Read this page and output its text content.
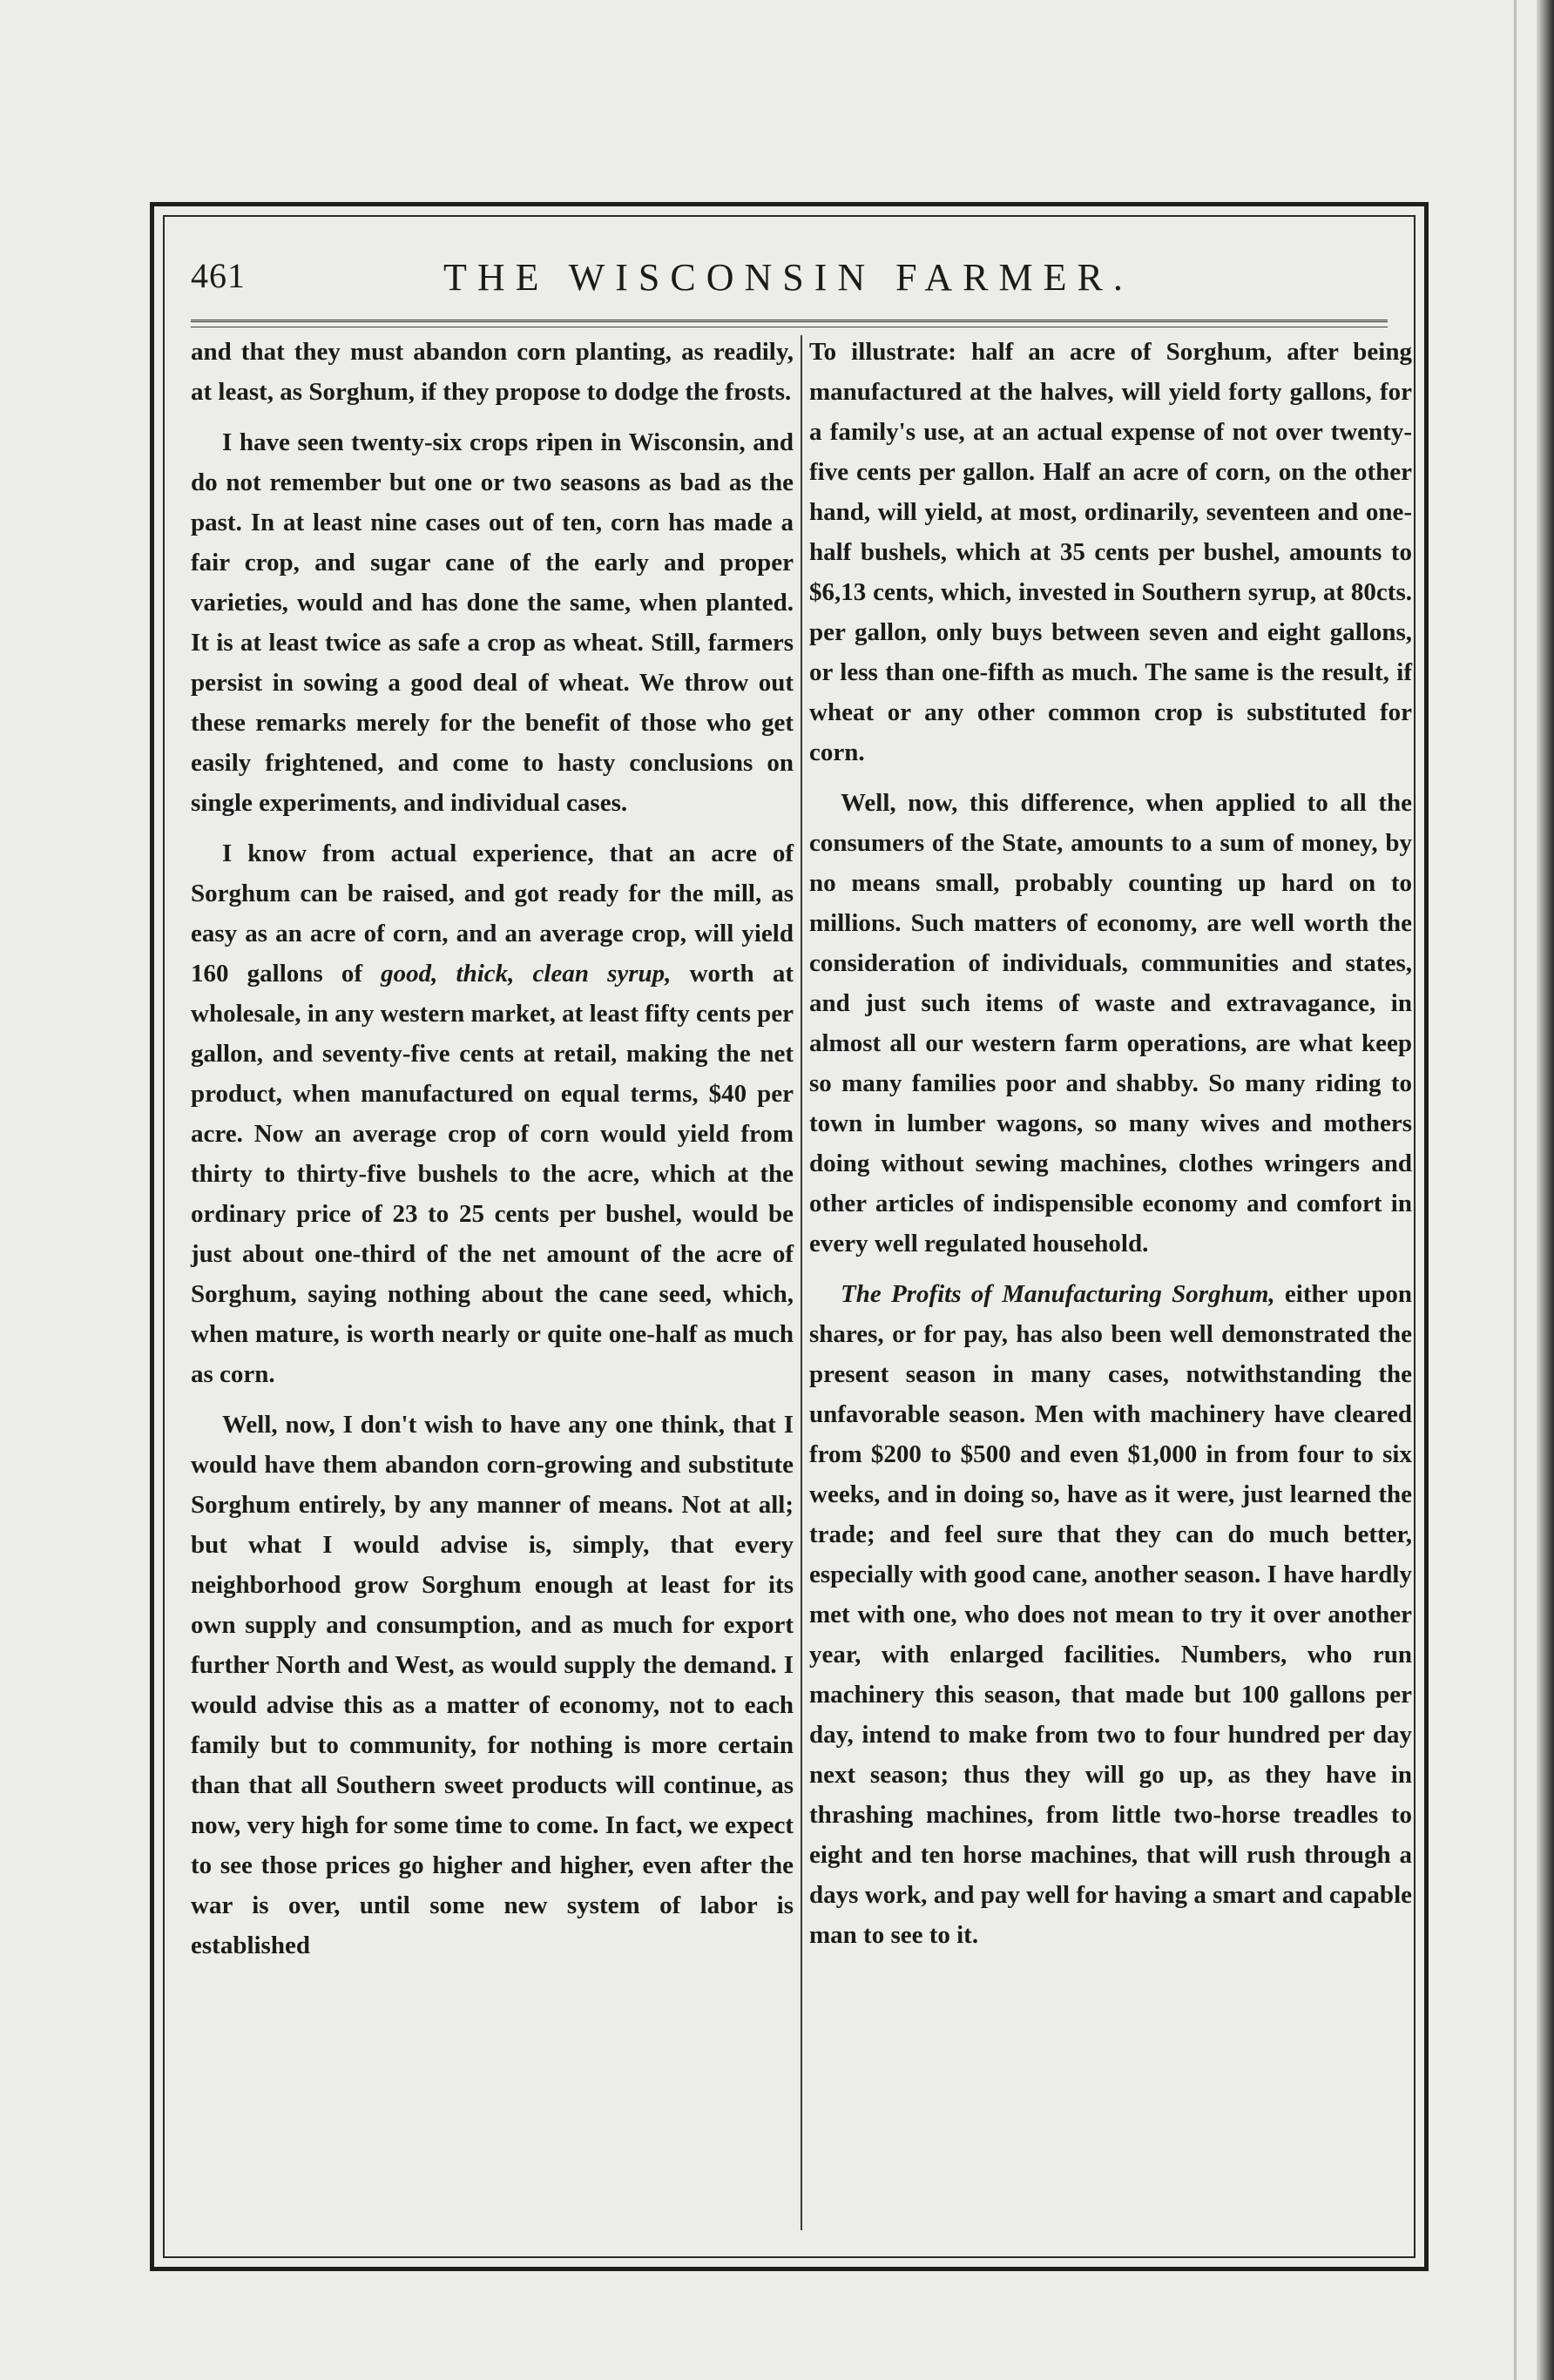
461	THE WISCONSIN FARMER.

and that they must abandon corn planting, as readily, at least, as Sorghum, if they propose to dodge the frosts.

I have seen twenty-six crops ripen in Wisconsin, and do not remember but one or two seasons as bad as the past. In at least nine cases out of ten, corn has made a fair crop, and sugar cane of the early and proper varieties, would and has done the same, when planted. It is at least twice as safe a crop as wheat. Still, farmers persist in sowing a good deal of wheat. We throw out these remarks merely for the benefit of those who get easily frightened, and come to hasty conclusions on single experiments, and individual cases.

I know from actual experience, that an acre of Sorghum can be raised, and got ready for the mill, as easy as an acre of corn, and an average crop, will yield 160 gallons of good, thick, clean syrup, worth at wholesale, in any western market, at least fifty cents per gallon, and seventy-five cents at retail, making the net product, when manufactured on equal terms, $40 per acre. Now an average crop of corn would yield from thirty to thirty-five bushels to the acre, which at the ordinary price of 23 to 25 cents per bushel, would be just about one-third of the net amount of the acre of Sorghum, saying nothing about the cane seed, which, when mature, is worth nearly or quite one-half as much as corn.

Well, now, I don't wish to have any one think, that I would have them abandon corn-growing and substitute Sorghum entirely, by any manner of means. Not at all; but what I would advise is, simply, that every neighborhood grow Sorghum enough at least for its own supply and consumption, and as much for export further North and West, as would supply the demand. I would advise this as a matter of economy, not to each family but to community, for nothing is more certain than that all Southern sweet products will continue, as now, very high for some time to come. In fact, we expect to see those prices go higher and higher, even after the war is over, until some new system of labor is established

To illustrate: half an acre of Sorghum, after being manufactured at the halves, will yield forty gallons, for a family's use, at an actual expense of not over twenty-five cents per gallon. Half an acre of corn, on the other hand, will yield, at most, ordinarily, seventeen and one-half bushels, which at 35 cents per bushel, amounts to $6,13 cents, which, invested in Southern syrup, at 80cts. per gallon, only buys between seven and eight gallons, or less than one-fifth as much. The same is the result, if wheat or any other common crop is substituted for corn.

Well, now, this difference, when applied to all the consumers of the State, amounts to a sum of money, by no means small, probably counting up hard on to millions. Such matters of economy, are well worth the consideration of individuals, communities and states, and just such items of waste and extravagance, in almost all our western farm operations, are what keep so many families poor and shabby. So many riding to town in lumber wagons, so many wives and mothers doing without sewing machines, clothes wringers and other articles of indispensible economy and comfort in every well regulated household.

The Profits of Manufacturing Sorghum, either upon shares, or for pay, has also been well demonstrated the present season in many cases, notwithstanding the unfavorable season. Men with machinery have cleared from $200 to $500 and even $1,000 in from four to six weeks, and in doing so, have as it were, just learned the trade; and feel sure that they can do much better, especially with good cane, another season. I have hardly met with one, who does not mean to try it over another year, with enlarged facilities. Numbers, who run machinery this season, that made but 100 gallons per day, intend to make from two to four hundred per day next season; thus they will go up, as they have in thrashing machines, from little two-horse treadles to eight and ten horse machines, that will rush through a days work, and pay well for having a smart and capable man to see to it.
